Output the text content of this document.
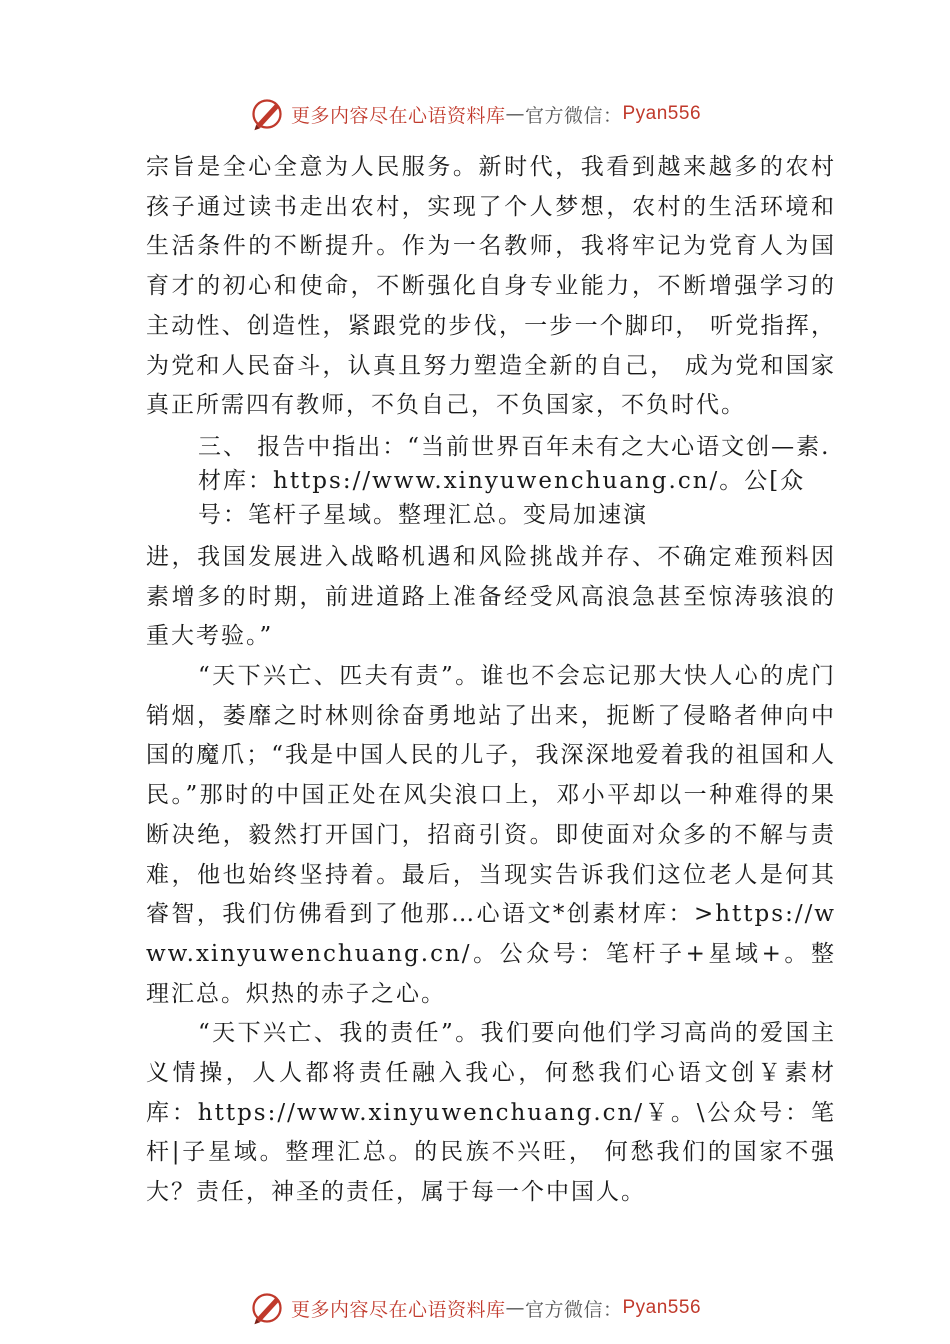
更多内容尽在心语资料库 — 官方微信： Pyan556

宗旨是全心全意为人民服务。新时代，我看到越来越多的农村孩子通过读书走出农村，实现了个人梦想，农村的生活环境和生活条件的不断提升。作为一名教师，我将牢记为党育人为国育才的初心和使命，不断强化自身专业能力，不断增强学习的主动性、创造性，紧跟党的步伐，一步一个脚印， 听党指挥，为党和人民奋斗，认真且努力塑造全新的自己， 成为党和国家真正所需四有教师，不负自己，不负国家，不负时代。

三、 报告中指出：“当前世界百年未有之大心语文创—素.材库：https://www.xinyuwenchuang.cn/。公[众号：笔杆子星域。整理汇总。变局加速演

进，我国发展进入战略机遇和风险挑战并存、不确定难预料因素增多的时期，前进道路上准备经受风高浪急甚至惊涛骇浪的重大考验。”

“天下兴亡、匹夫有责”。谁也不会忘记那大快人心的虎门销烟，萎靡之时林则徐奋勇地站了出来，扼断了侵略者伸向中国的魔爪；“我是中国人民的儿子，我深深地爱着我的祖国和人民。”那时的中国正处在风尖浪口上，邓小平却以一种难得的果断决绝，毅然打开国门，招商引资。即使面对众多的不解与责难，他也始终坚持着。最后，当现实告诉我们这位老人是何其睿智，我们仿佛看到了他那…心语文*创素材库：>https://www.xinyuwenchuang.cn/。公众号：笔杆子+星域+。整理汇总。炽热的赤子之心。

“天下兴亡、我的责任”。我们要向他们学习高尚的爱国主义情操，人人都将责任融入我心，何愁我们心语文创￥素材库：https://www.xinyuwenchuang.cn/￥。\公众号：笔杆|子星域。整理汇总。的民族不兴旺， 何愁我们的国家不强大？责任，神圣的责任，属于每一个中国人。

更多内容尽在心语资料库 — 官方微信： Pyan556
